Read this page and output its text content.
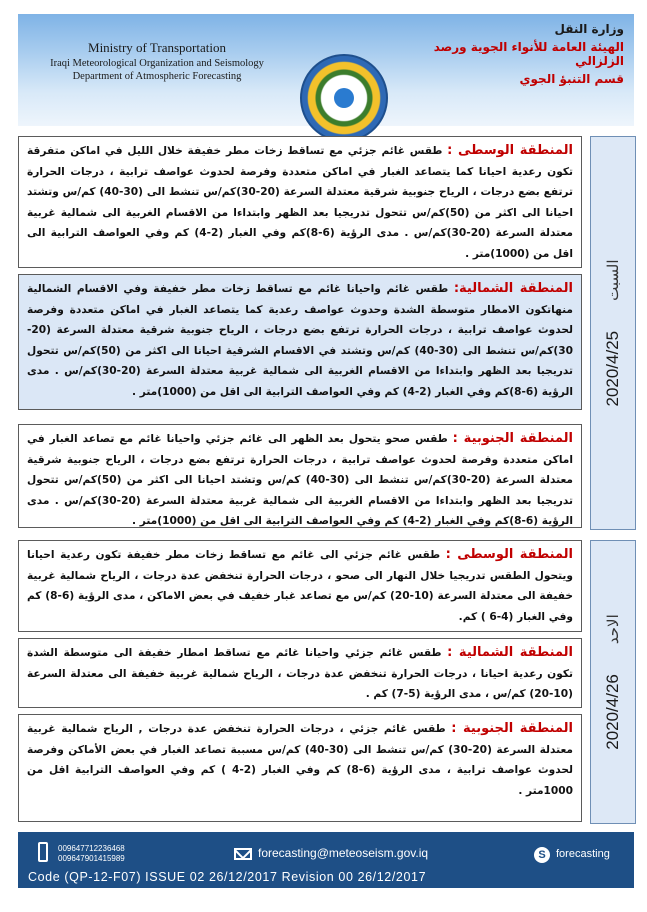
Ministry of Transportation
Iraqi Meteorological Organization and Seismology
Department of Atmospheric Forecasting
وزارة النقل
الهيئة العامة للأنواء الجوية ورصد الزلزالي
قسم التنبؤ الجوي
2020/4/25السبت
المنطقة الوسطى : طقس غائم جزئي مع تساقط زخات مطر خفيفة خلال الليل في اماكن متفرقة تكون رعدية احيانا كما يتصاعد الغبار في اماكن متعددة وفرصة لحدوث عواصف ترابية ، درجات الحرارة ترتفع بضع درجات ، الرياح جنوبية شرقية معتدلة السرعة (20-30)كم/س تنشط الى (30-40) كم/س وتشتد احيانا الى اكثر من (50)كم/س تتحول تدريجيا بعد الظهر وابتداءا من الاقسام الغربية الى شمالية غربية معتدلة السرعة (20-30)كم/س . مدى الرؤية (6-8)كم وفي الغبار (2-4) كم وفي العواصف الترابية الى اقل من (1000)متر .
المنطقة الشمالية: طقس غائم واحيانا غائم مع تساقط زخات مطر خفيفة وفي الاقسام الشمالية منهاتكون الامطار متوسطة الشدة وحدوث عواصف رعدية كما يتصاعد الغبار في اماكن متعددة وفرصة لحدوث عواصف ترابية ، درجات الحرارة ترتفع بضع درجات ، الرياح جنوبية شرقية معتدلة السرعة (20-30)كم/س تنشط الى (30-40) كم/س وتشتد في الاقسام الشرقية احيانا الى اكثر من (50)كم/س تتحول تدريجيا بعد الظهر وابتداءا من الاقسام الغربية الى شمالية غربية معتدلة السرعة (20-30)كم/س . مدى الرؤية (6-8)كم وفي الغبار (2-4) كم وفي العواصف الترابية الى اقل من (1000)متر .
المنطقة الجنوبية : طقس صحو يتحول بعد الظهر الى غائم جزئي واحيانا غائم مع تصاعد الغبار في اماكن متعددة وفرصة لحدوث عواصف ترابية ، درجات الحرارة ترتفع بضع درجات ، الرياح جنوبية شرقية معتدلة السرعة (20-30)كم/س تنشط الى (30-40) كم/س وتشتد احيانا الى اكثر من (50)كم/س تتحول تدريجيا بعد الظهر وابتداءا من الاقسام الغربية الى شمالية غربية معتدلة السرعة (20-30)كم/س . مدى الرؤية (6-8)كم وفي الغبار (2-4) كم وفي العواصف الترابية الى اقل من (1000)متر .
2020/4/26الاحد
المنطقة الوسطى : طقس غائم جزئي الى غائم مع تساقط زخات مطر خفيفة تكون رعدية احيانا ويتحول الطقس تدريجيا خلال النهار الى صحو ، درجات الحرارة تنخفض عدة درجات ، الرياح شمالية غربية خفيفة الى معتدلة السرعة (10-20) كم/س مع تصاعد غبار خفيف في بعض الاماكن ، مدى الرؤية (6-8) كم وفي الغبار (4-6 ) كم.
المنطقة الشمالية : طقس غائم جزئي واحيانا غائم مع تساقط امطار خفيفة الى متوسطة الشدة تكون رعدية احيانا ، درجات الحرارة تنخفض عدة درجات ، الرياح شمالية غربية خفيفة الى معتدلة السرعة (10-20) كم/س ، مدى الرؤية (5-7) كم .
المنطقة الجنوبية : طقس غائم جزئي ، درجات الحرارة تنخفض عدة درجات , الرياح شمالية غربية معتدلة السرعة (20-30) كم/س تنشط الى (30-40) كم/س مسببة تصاعد الغبار في بعض الأماكن وفرصة لحدوث عواصف ترابية ، مدى الرؤية (6-8) كم وفي الغبار (2-4 ) كم وفي العواصف الترابية اقل من 1000متر .
009647712236468
009647901415989	forecasting@meteoseism.gov.iq	S forecasting
Code (QP-12-F07) ISSUE 02 26/12/2017 Revision 00 26/12/2017
